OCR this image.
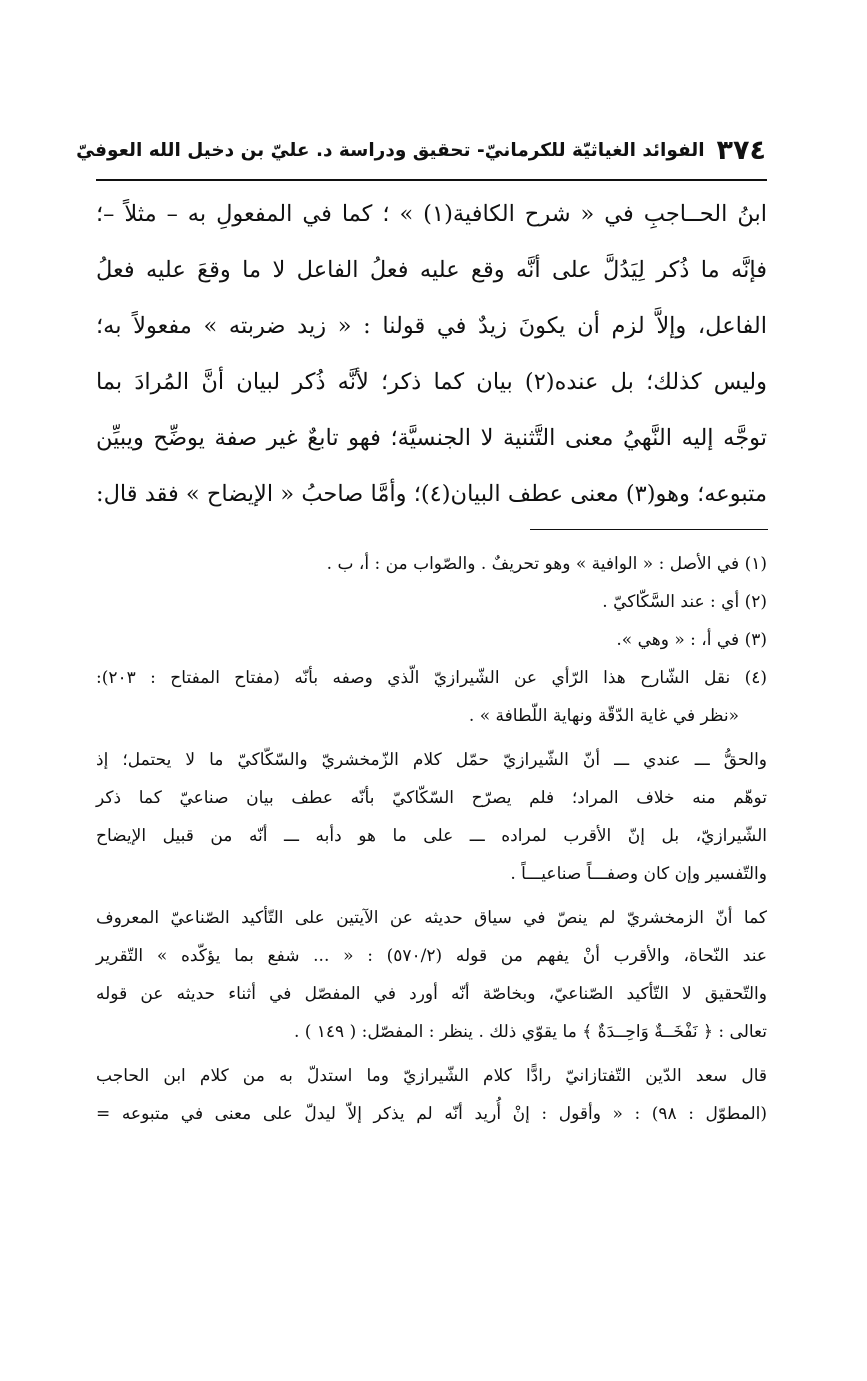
٣٧٤
الفوائد الغياثيّة للكرمانيّ- تحقيق ودراسة د. عليّ بن دخيل الله العوفيّ
ابنُ الحــاجبِ في « شرح الكافية(١) » ؛ كما في المفعولِ به – مثلاً –؛
فإنَّه ما ذُكر لِيَدُلَّ على أنَّه وقع عليه فعلُ الفاعل لا ما وقعَ عليه فعلُ
الفاعل، وإلاَّ لزم أن يكونَ زيدٌ في قولنا : « زيد ضربته » مفعولاً به؛
وليس كذلك؛ بل عنده(٢) بيان كما ذكر؛ لأنَّه ذُكر لبيان أنَّ المُرادَ بما
توجَّه إليه النَّهيُ معنى التَّثنية لا الجنسيَّة؛ فهو تابعٌ غير صفة يوضِّح ويبيِّن
متبوعه؛ وهو(٣) معنى عطف البيان(٤)؛ وأمَّا صاحبُ « الإيضاح » فقد قال:
(١) في الأصل : « الوافية » وهو تحريفٌ . والصّواب من : أ، ب .
(٢) أي : عند السَّكّاكيّ .
(٣) في أ، : « وهي ».
(٤) نقل الشّارح هذا الرّأي عن الشّيرازيّ الّذي وصفه بأنّه (مفتاح المفتاح : ٢٠٣):
«نظر في غاية الدّقّة ونهاية اللّطافة » .
والحقُّ ـــ عندي ـــ أنّ الشّيرازيّ حمّل كلام الزّمخشريّ والسّكّاكيّ ما لا يحتمل؛ إذ
توهّم منه خلاف المراد؛ فلم يصرّح السّكّاكيّ بأنّه عطف بيان صناعيّ كما ذكر
الشّيرازيّ، بل إنّ الأقرب لمراده ـــ على ما هو دأبه ـــ أنّه من قبيل الإيضاح
والتّفسير وإن كان وصفـــاً صناعيـــاً .
كما أنّ الزمخشريّ لم ينصّ في سياق حديثه عن الآيتين على التّأكيد الصّناعيّ المعروف
عند النّحاة، والأقرب أنْ يفهم من قوله (٥٧٠/٢) : « ... شفع بما يؤكّده » التّقرير
والتّحقيق لا التّأكيد الصّناعيّ، وبخاصّة أنّه أورد في المفصّل في أثناء حديثه عن قوله
تعالى : ﴿ نَفْخَــةٌ وَاحِــدَةٌ ﴾ ما يقوّي ذلك . ينظر : المفصّل: ( ١٤٩ ) .
قال سعد الدّين التّفتازانيّ رادًّا كلام الشّيرازيّ وما استدلّ به من كلام ابن الحاجب
(المطوّل : ٩٨) : « وأقول : إنْ أُريد أنّه لم يذكر إلاّ ليدلّ على معنى في متبوعه =
